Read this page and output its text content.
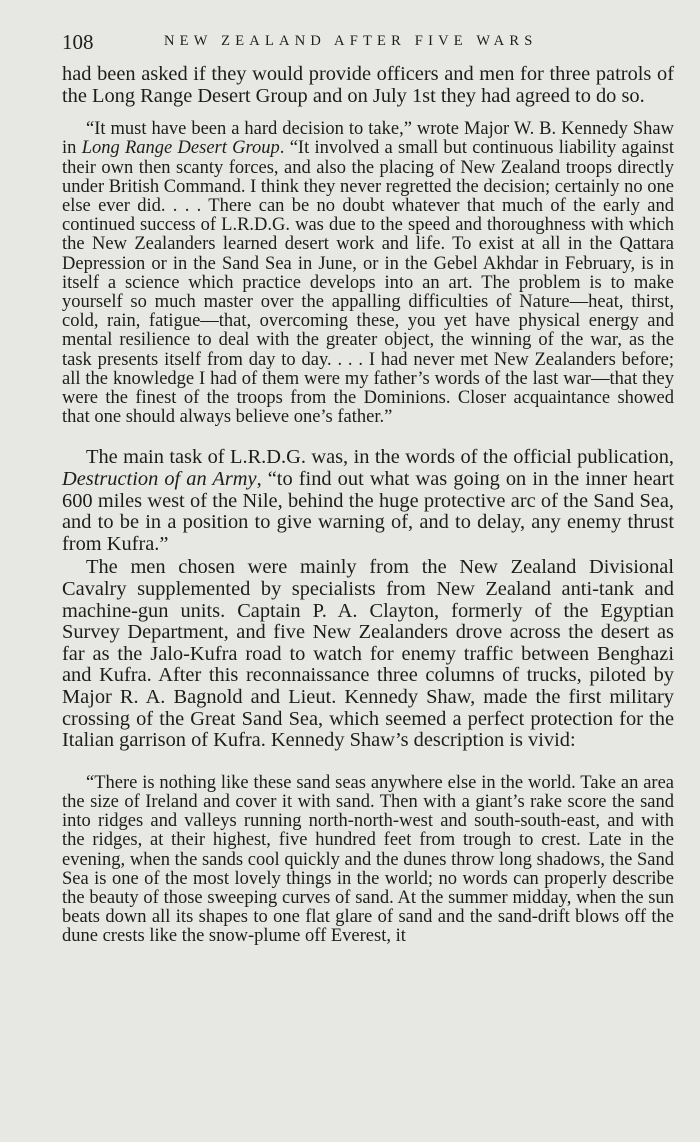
108	NEW ZEALAND AFTER FIVE WARS

had been asked if they would provide officers and men for three patrols of the Long Range Desert Group and on July 1st they had agreed to do so.

“It must have been a hard decision to take,” wrote Major W. B. Kennedy Shaw in Long Range Desert Group. “It involved a small but continuous liability against their own then scanty forces, and also the placing of New Zealand troops directly under British Command. I think they never regretted the decision; certainly no one else ever did. . . . There can be no doubt whatever that much of the early and continued success of L.R.D.G. was due to the speed and thoroughness with which the New Zealanders learned desert work and life. To exist at all in the Qattara Depression or in the Sand Sea in June, or in the Gebel Akhdar in February, is in itself a science which practice develops into an art. The problem is to make yourself so much master over the appalling difficulties of Nature—heat, thirst, cold, rain, fatigue—that, overcoming these, you yet have physical energy and mental resilience to deal with the greater object, the winning of the war, as the task presents itself from day to day. . . . I had never met New Zealanders before; all the knowledge I had of them were my father’s words of the last war—that they were the finest of the troops from the Dominions. Closer acquaintance showed that one should always believe one’s father.”

The main task of L.R.D.G. was, in the words of the official publication, Destruction of an Army, “to find out what was going on in the inner heart 600 miles west of the Nile, behind the huge protective arc of the Sand Sea, and to be in a position to give warning of, and to delay, any enemy thrust from Kufra.”

The men chosen were mainly from the New Zealand Divisional Cavalry supplemented by specialists from New Zealand anti-tank and machine-gun units. Captain P. A. Clayton, formerly of the Egyptian Survey Department, and five New Zealanders drove across the desert as far as the Jalo-Kufra road to watch for enemy traffic between Benghazi and Kufra. After this reconnaissance three columns of trucks, piloted by Major R. A. Bagnold and Lieut. Kennedy Shaw, made the first military crossing of the Great Sand Sea, which seemed a perfect protection for the Italian garrison of Kufra. Kennedy Shaw’s description is vivid:

“There is nothing like these sand seas anywhere else in the world. Take an area the size of Ireland and cover it with sand. Then with a giant’s rake score the sand into ridges and valleys running north-north-west and south-south-east, and with the ridges, at their highest, five hundred feet from trough to crest. Late in the evening, when the sands cool quickly and the dunes throw long shadows, the Sand Sea is one of the most lovely things in the world; no words can properly describe the beauty of those sweeping curves of sand. At the summer midday, when the sun beats down all its shapes to one flat glare of sand and the sand-drift blows off the dune crests like the snow-plume off Everest, it
